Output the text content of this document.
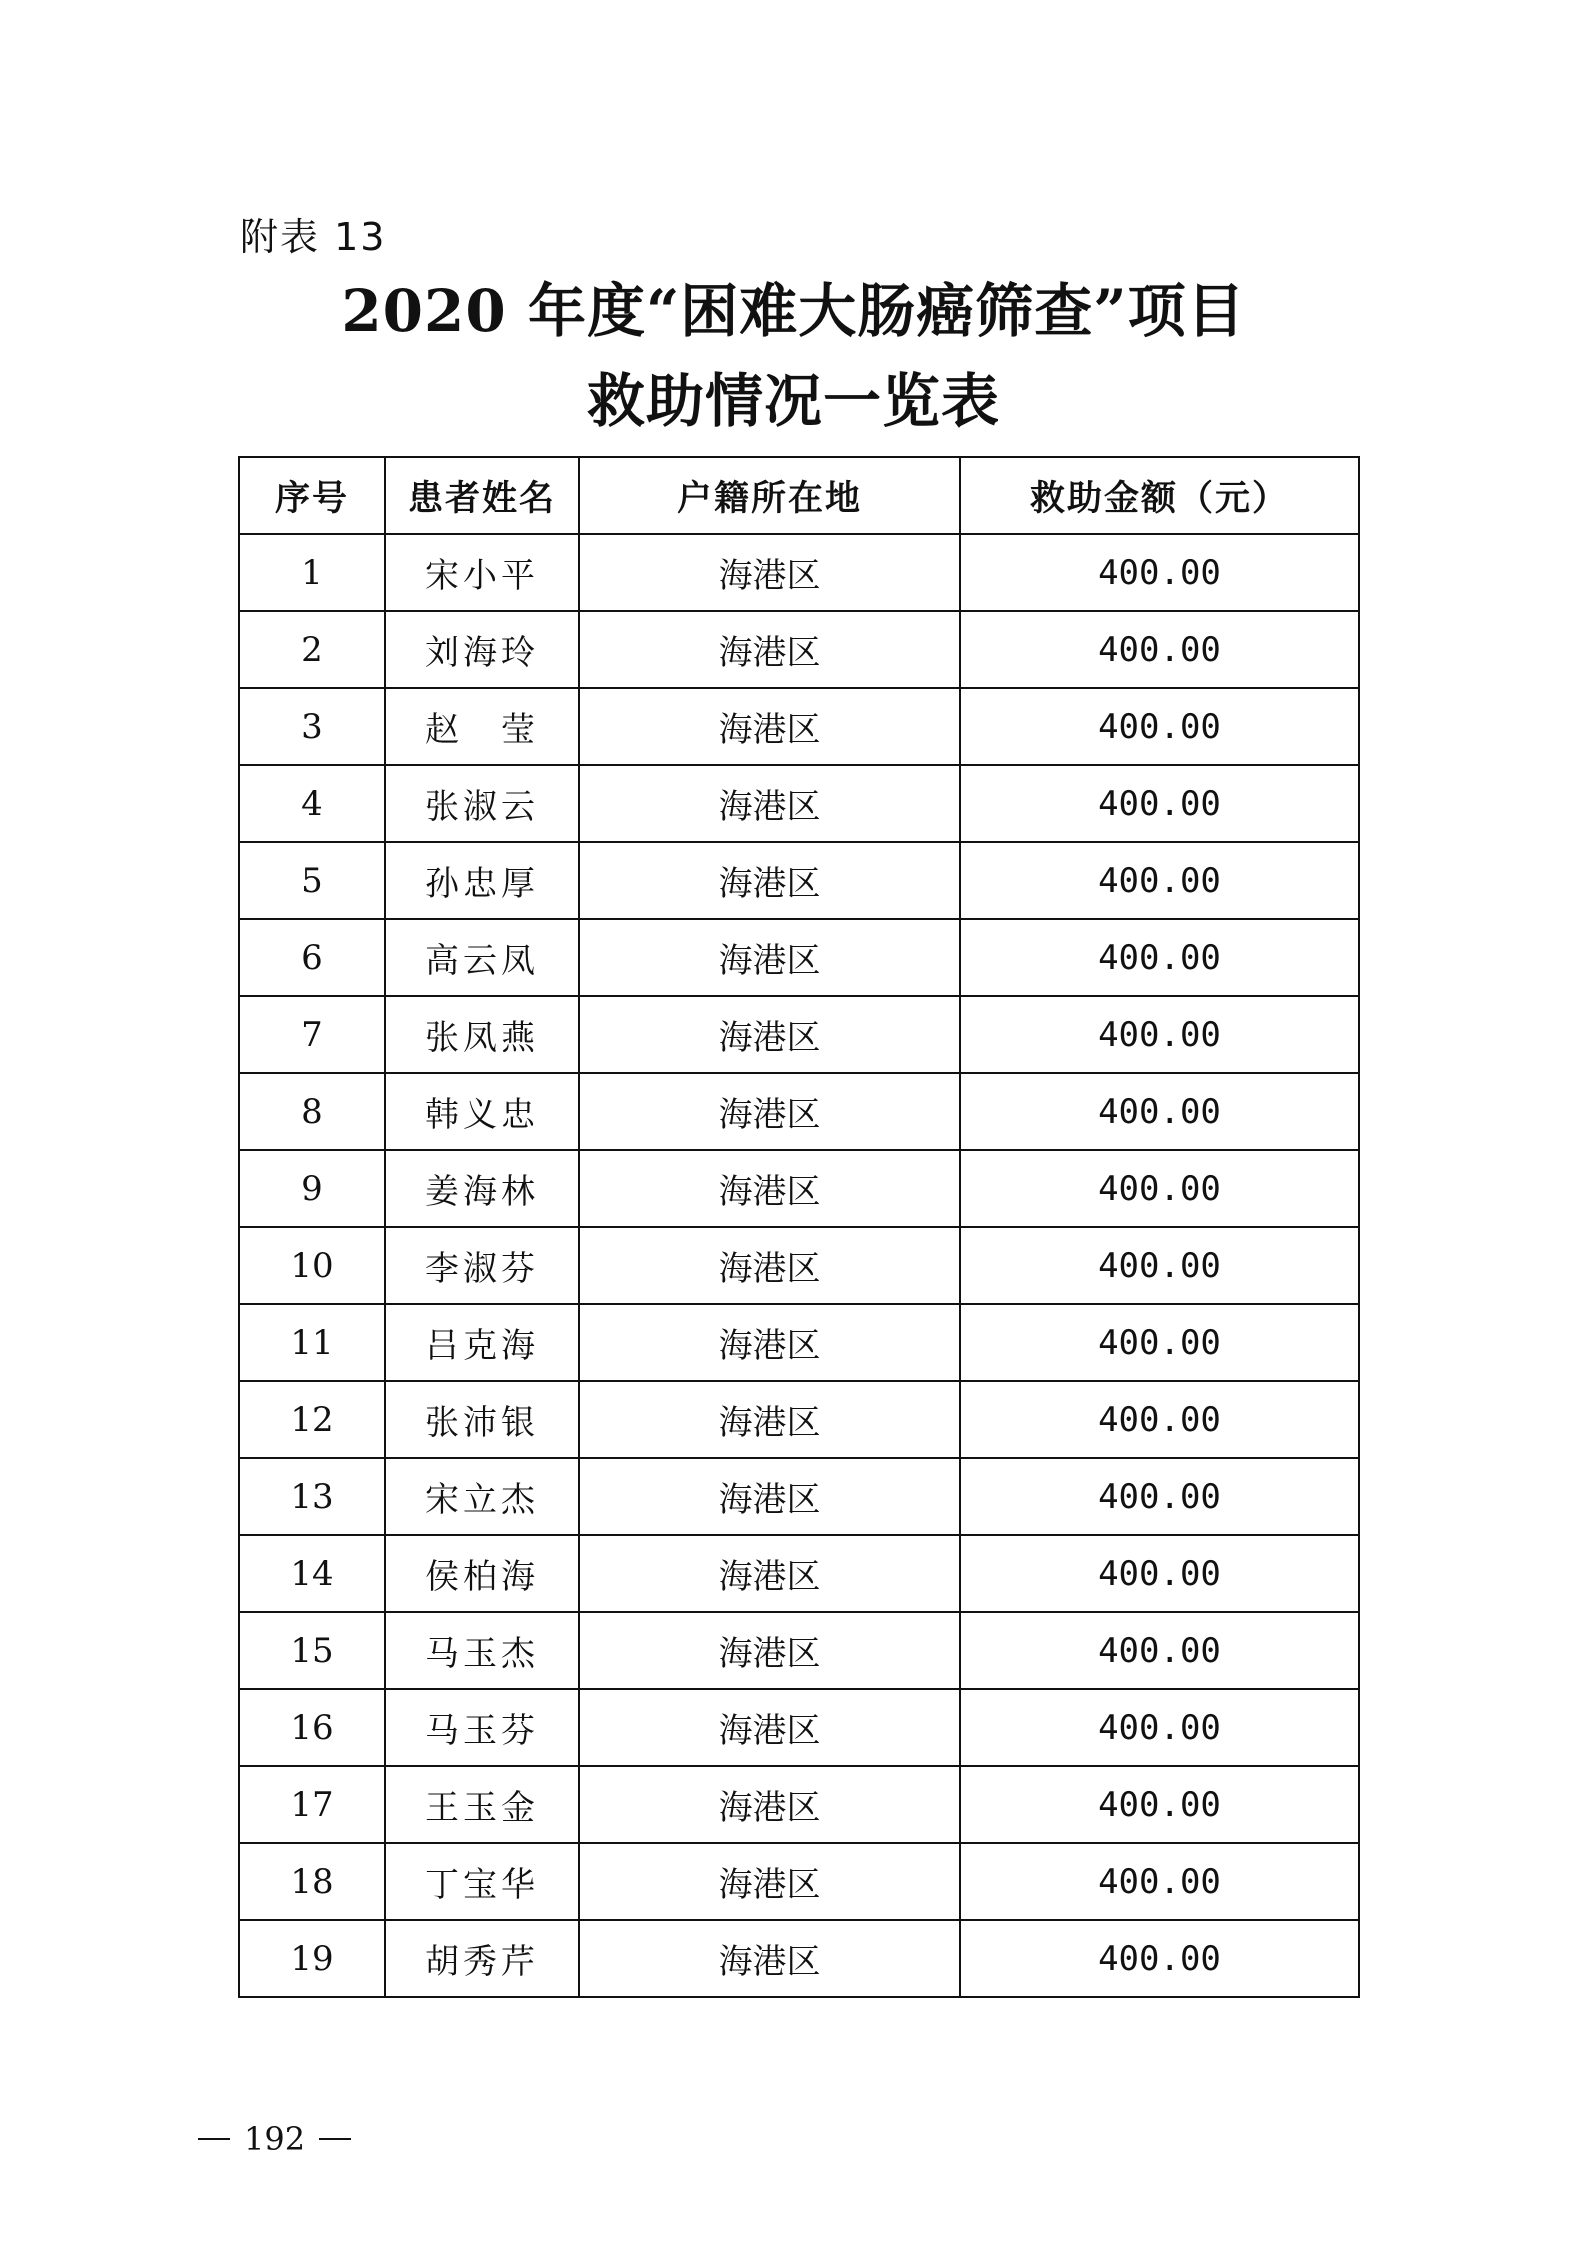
附表 13
2020 年度“困难大肠癌筛查”项目
救助情况一览表
序号	患者姓名	户籍所在地	救助金额（元）
1	宋小平	海港区	400.00
2	刘海玲	海港区	400.00
3	赵　莹	海港区	400.00
4	张淑云	海港区	400.00
5	孙忠厚	海港区	400.00
6	高云凤	海港区	400.00
7	张凤燕	海港区	400.00
8	韩义忠	海港区	400.00
9	姜海林	海港区	400.00
10	李淑芬	海港区	400.00
11	吕克海	海港区	400.00
12	张沛银	海港区	400.00
13	宋立杰	海港区	400.00
14	侯柏海	海港区	400.00
15	马玉杰	海港区	400.00
16	马玉芬	海港区	400.00
17	王玉金	海港区	400.00
18	丁宝华	海港区	400.00
19	胡秀芹	海港区	400.00
192
